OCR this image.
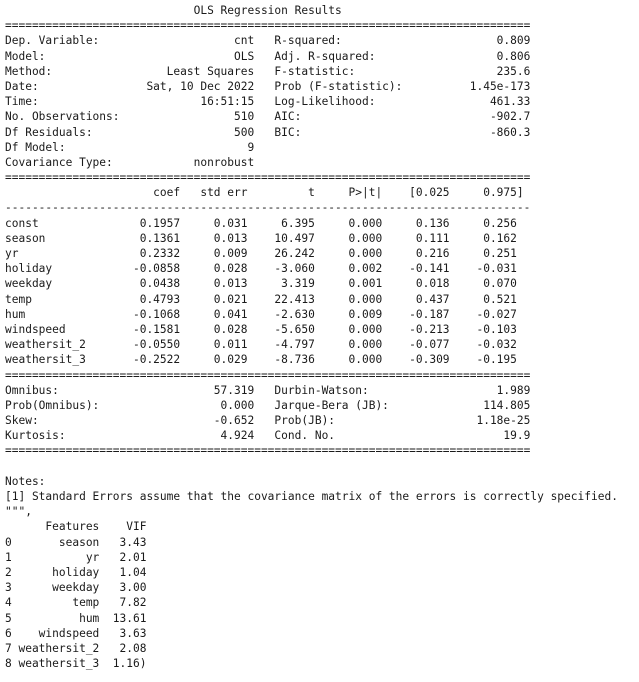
OLS Regression Results
==============================================================================
Dep. Variable:                    cnt   R-squared:                       0.809
Model:                            OLS   Adj. R-squared:                  0.806
Method:                 Least Squares   F-statistic:                     235.6
Date:                Sat, 10 Dec 2022   Prob (F-statistic):          1.45e-173
Time:                        16:51:15   Log-Likelihood:                 461.33
No. Observations:                 510   AIC:                            -902.7
Df Residuals:                     500   BIC:                            -860.3
Df Model:                           9
Covariance Type:            nonrobust
==============================================================================
coef   std err         t     P>|t|    [0.025     0.975]
------------------------------------------------------------------------------
const               0.1957     0.031     6.395     0.000     0.136     0.256
season              0.1361     0.013    10.497     0.000     0.111     0.162
yr                  0.2332     0.009    26.242     0.000     0.216     0.251
holiday            -0.0858     0.028    -3.060     0.002    -0.141    -0.031
weekday             0.0438     0.013     3.319     0.001     0.018     0.070
temp                0.4793     0.021    22.413     0.000     0.437     0.521
hum                -0.1068     0.041    -2.630     0.009    -0.187    -0.027
windspeed          -0.1581     0.028    -5.650     0.000    -0.213    -0.103
weathersit_2       -0.0550     0.011    -4.797     0.000    -0.077    -0.032
weathersit_3       -0.2522     0.029    -8.736     0.000    -0.309    -0.195
==============================================================================
Omnibus:                       57.319   Durbin-Watson:                   1.989
Prob(Omnibus):                  0.000   Jarque-Bera (JB):              114.805
Skew:                          -0.652   Prob(JB):                     1.18e-25
Kurtosis:                       4.924   Cond. No.                         19.9
==============================================================================
Notes:
[1] Standard Errors assume that the covariance matrix of the errors is correctly specified.
""",
Features    VIF
0       season   3.43
1           yr   2.01
2      holiday   1.04
3      weekday   3.00
4         temp   7.82
5          hum  13.61
6    windspeed   3.63
7 weathersit_2   2.08
8 weathersit_3  1.16)
